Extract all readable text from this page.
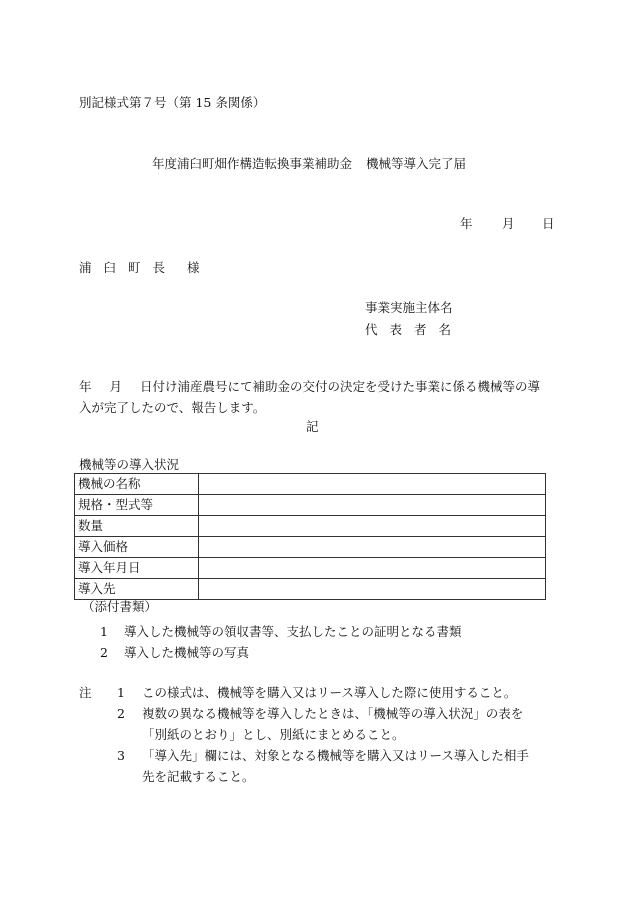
別記様式第７号（第 15 条関係）
年度浦臼町畑作構造転換事業補助金 機械等導入完了届
年 月 日
浦臼町長 様
事業実施主体名
代表者名
年 月 日付け浦産農号にて補助金の交付の決定を受けた事業に係る機械等の導入が完了したので、報告します。
記
機械等の導入状況
機械の名称	
規格・型式等	
数量	
導入価格	
導入年月日	
導入先	
（添付書類）
1 導入した機械等の領収書等、支払したことの証明となる書類
2 導入した機械等の写真
注 1 この様式は、機械等を購入又はリース導入した際に使用すること。
2 複数の異なる機械等を導入したときは、「機械等の導入状況」の表を
「別紙のとおり」とし、別紙にまとめること。
3 「導入先」欄には、対象となる機械等を購入又はリース導入した相手
先を記載すること。
